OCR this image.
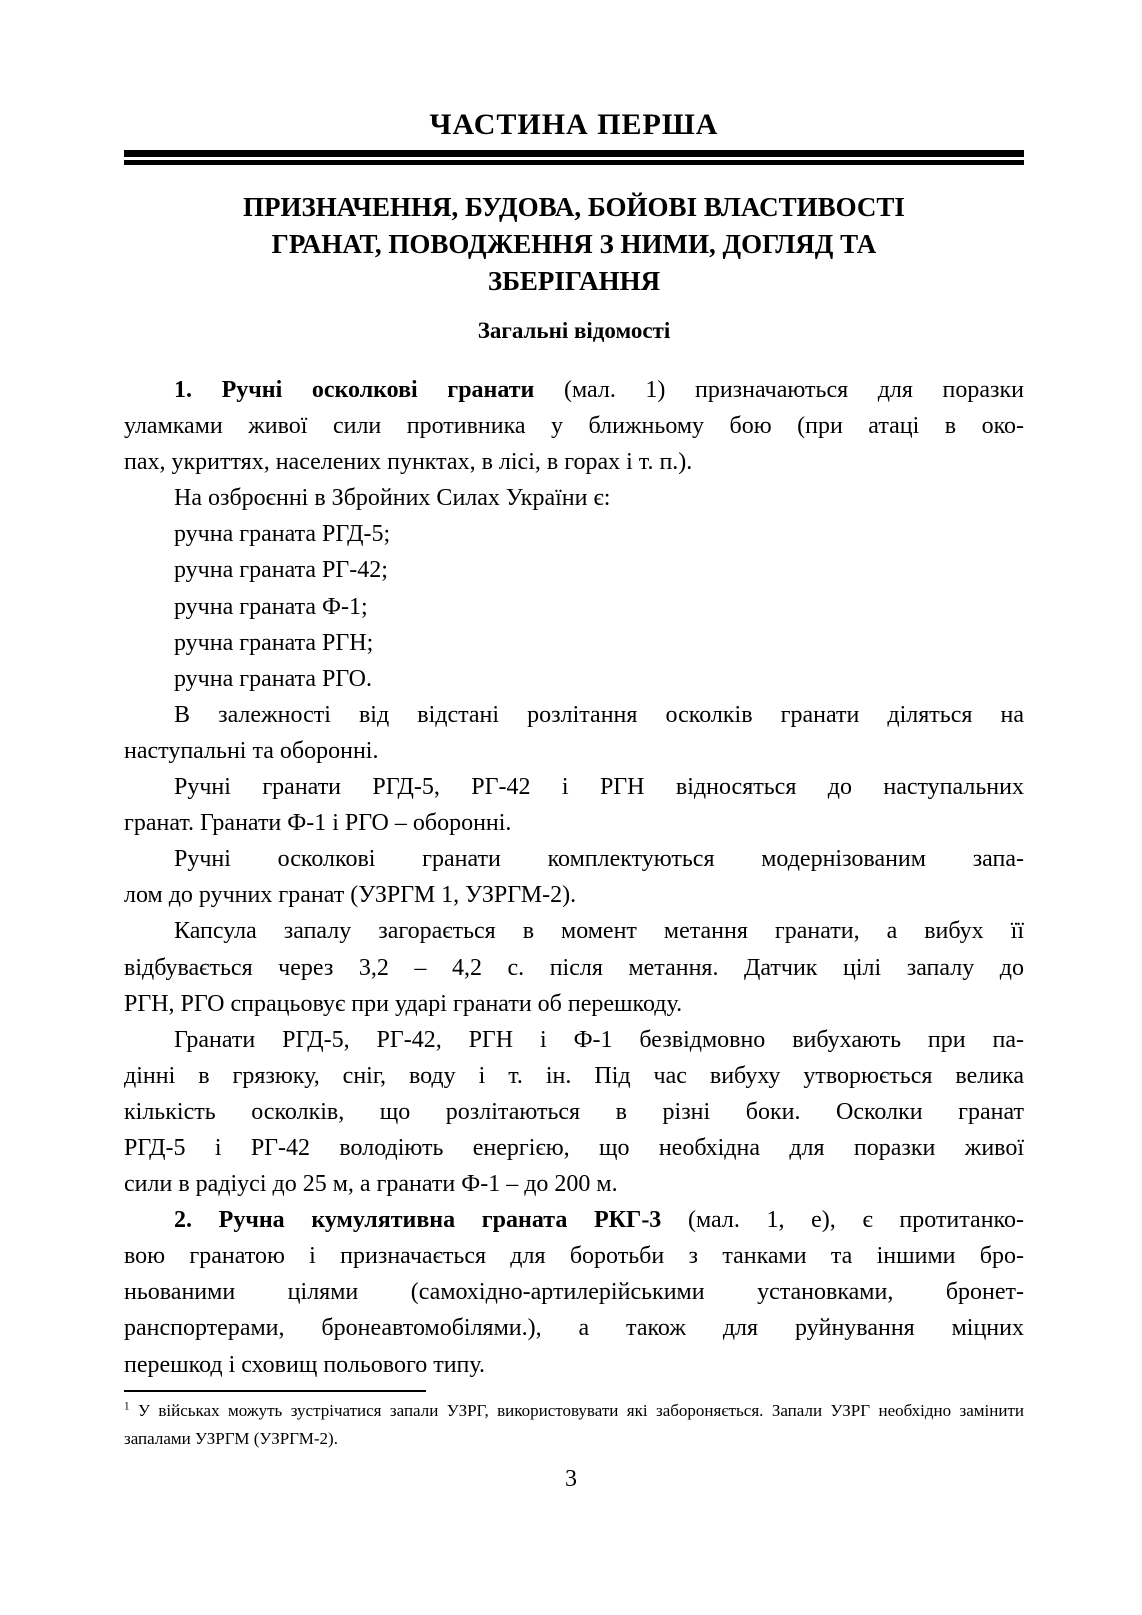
ЧАСТИНА ПЕРША
ПРИЗНАЧЕННЯ, БУДОВА, БОЙОВІ ВЛАСТИВОСТІ
ГРАНАТ, ПОВОДЖЕННЯ З НИМИ, ДОГЛЯД ТА
ЗБЕРІГАННЯ
Загальні відомості
1. Ручні осколкові гранати (мал. 1) призначаються для поразки
уламками живої сили противника у ближньому бою (при атаці в око-
пах, укриттях, населених пунктах, в лісі, в горах і т. п.).
На озброєнні в Збройних Силах України є:
ручна граната РГД-5;
ручна граната РГ-42;
ручна граната Ф-1;
ручна граната РГН;
ручна граната РГО.
В залежності від відстані розлітання осколків гранати діляться на
наступальні та оборонні.
Ручні гранати РГД-5, РГ-42 і РГН відносяться до наступальних
гранат. Гранати Ф-1 і РГО – оборонні.
Ручні осколкові гранати комплектуються модернізованим запа-
лом до ручних гранат (УЗРГМ 1, УЗРГМ-2).
Капсула запалу загорається в момент метання гранати, а вибух її
відбувається через 3,2 – 4,2 с. після метання. Датчик цілі запалу до
РГН, РГО спрацьовує при ударі гранати об перешкоду.
Гранати РГД-5, РГ-42, РГН і Ф-1 безвідмовно вибухають при па-
дінні в грязюку, сніг, воду і т. ін. Під час вибуху утворюється велика
кількість осколків, що розлітаються в різні боки. Осколки гранат
РГД-5 і РГ-42 володіють енергією, що необхідна для поразки живої
сили в радіусі до 25 м, а гранати Ф-1 – до 200 м.
2. Ручна кумулятивна граната РКГ-3 (мал. 1, е), є протитанко-
вою гранатою і призначається для боротьби з танками та іншими бро-
ньованими цілями (самохідно-артилерійськими установками, бронет-
ранспортерами, бронеавтомобілями.), а також для руйнування міцних
перешкод і сховищ польового типу.
$^1$ У військах можуть зустрічатися запали УЗРГ, використовувати які забороняється. Запали УЗРГ необхідно замінити
запалами УЗРГМ (УЗРГМ-2).
3
